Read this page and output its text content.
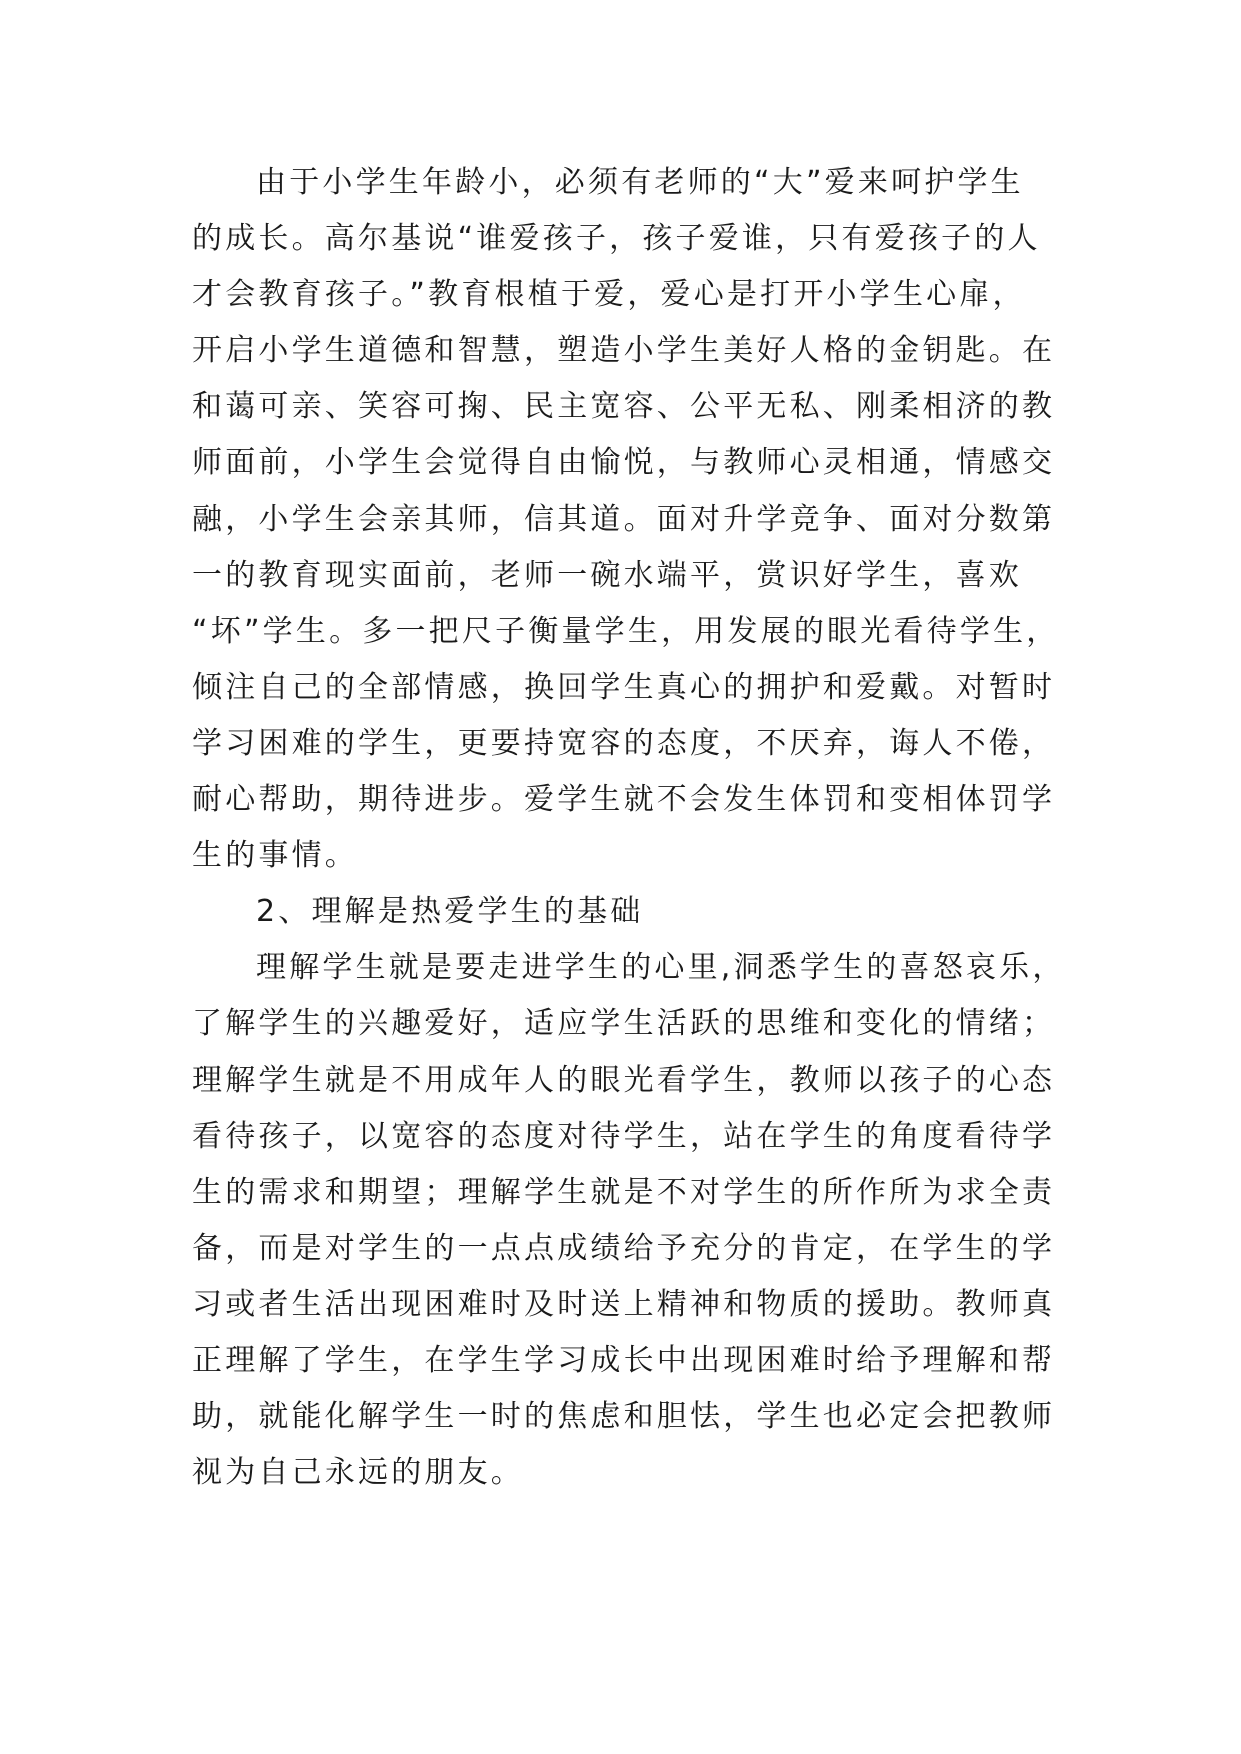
由于小学生年龄小，必须有老师的“大”爱来呵护学生
的成长。高尔基说“谁爱孩子，孩子爱谁，只有爱孩子的人
才会教育孩子。”教育根植于爱，爱心是打开小学生心扉，
开启小学生道德和智慧，塑造小学生美好人格的金钥匙。在
和蔼可亲、笑容可掬、民主宽容、公平无私、刚柔相济的教
师面前，小学生会觉得自由愉悦，与教师心灵相通，情感交
融，小学生会亲其师，信其道。面对升学竞争、面对分数第
一的教育现实面前，老师一碗水端平，赏识好学生，喜欢
“坏”学生。多一把尺子衡量学生，用发展的眼光看待学生，
倾注自己的全部情感，换回学生真心的拥护和爱戴。对暂时
学习困难的学生，更要持宽容的态度，不厌弃，诲人不倦，
耐心帮助，期待进步。爱学生就不会发生体罚和变相体罚学
生的事情。
2、理解是热爱学生的基础
理解学生就是要走进学生的心里,洞悉学生的喜怒哀乐，
了解学生的兴趣爱好，适应学生活跃的思维和变化的情绪；
理解学生就是不用成年人的眼光看学生，教师以孩子的心态
看待孩子，以宽容的态度对待学生，站在学生的角度看待学
生的需求和期望；理解学生就是不对学生的所作所为求全责
备，而是对学生的一点点成绩给予充分的肯定，在学生的学
习或者生活出现困难时及时送上精神和物质的援助。教师真
正理解了学生，在学生学习成长中出现困难时给予理解和帮
助，就能化解学生一时的焦虑和胆怯，学生也必定会把教师
视为自己永远的朋友。
